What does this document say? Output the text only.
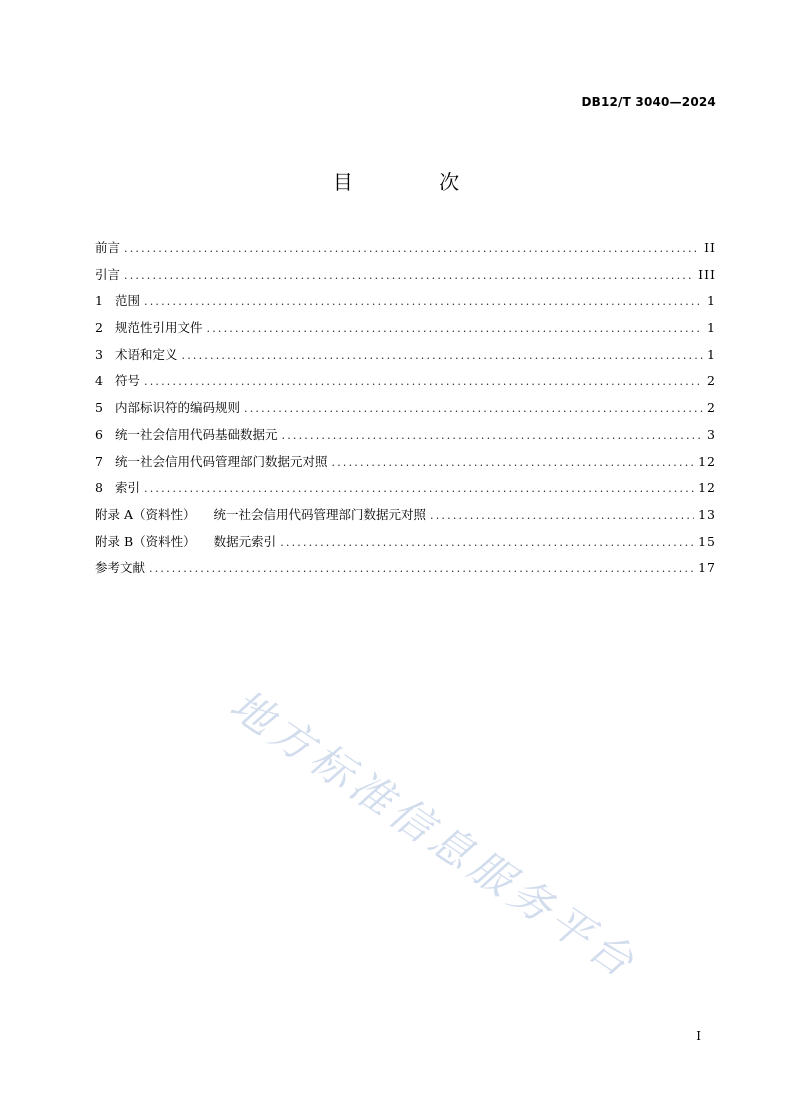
DB12/T 3040—2024
目 次
前言 .....	II
引言 .....	III
1 范围 .....	1
2 规范性引用文件 .....	1
3 术语和定义 .....	1
4 符号 .....	2
5 内部标识符的编码规则 .....	2
6 统一社会信用代码基础数据元 .....	3
7 统一社会信用代码管理部门数据元对照 .....	12
8 索引 .....	12
附录 A（资料性） 统一社会信用代码管理部门数据元对照 .....	13
附录 B（资料性） 数据元索引 .....	15
参考文献 .....	17
地方标准信息服务平台
I
